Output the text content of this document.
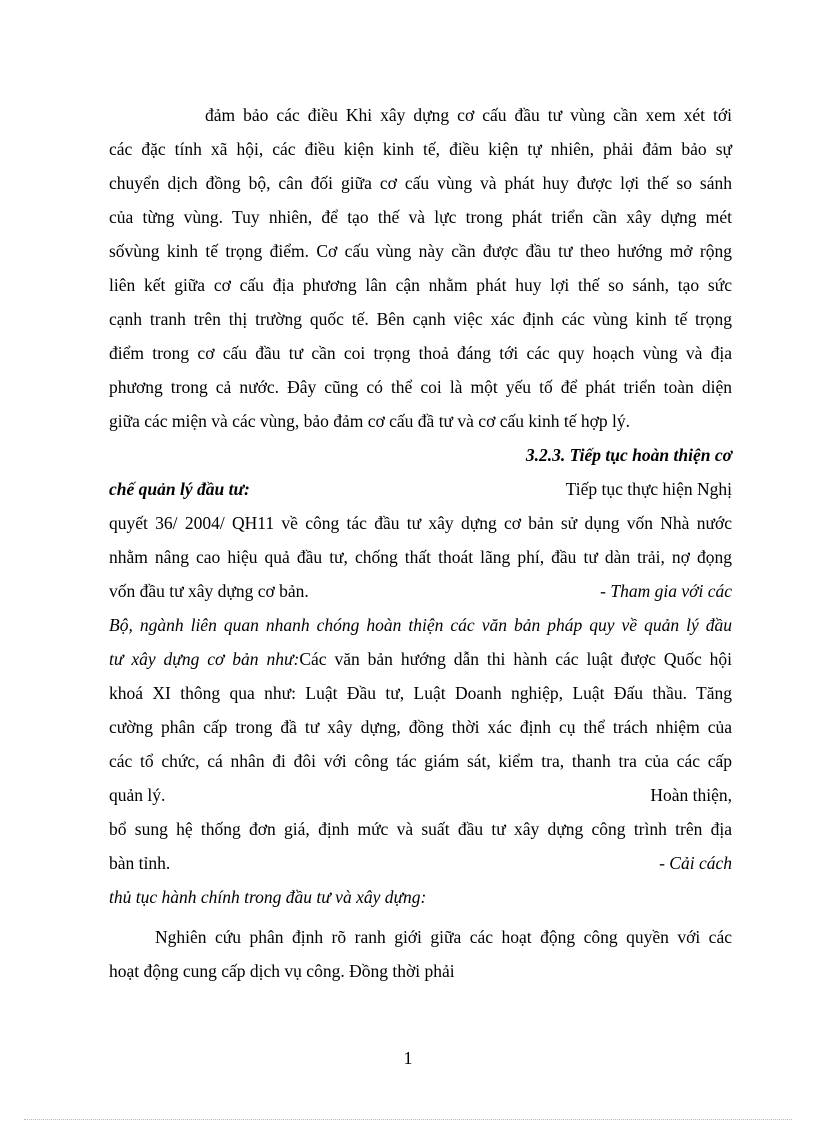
đảm bảo các điều Khi xây dựng cơ cấu đầu tư vùng cần xem xét tới
các đặc tính xã hội, các điều kiện kinh tế, điều kiện tự nhiên, phải đảm bảo sự
chuyển dịch đồng bộ, cân đối giữa cơ cấu vùng và phát huy được lợi thế so sánh
của từng vùng. Tuy nhiên, để tạo thế và lực trong phát triển cần xây dựng mét
sốvùng kinh tế trọng điểm. Cơ cấu vùng này cần được đầu tư theo hướng mở rộng
liên kết giữa cơ cấu địa phương lân cận nhằm phát huy lợi thế so sánh, tạo sức
cạnh tranh trên thị trường quốc tế. Bên cạnh việc xác định các vùng kinh tế trọng
điểm trong cơ cấu đầu tư cần coi trọng thoả đáng tới các quy hoạch vùng và địa
phương trong cả nước. Đây cũng có thể coi là một yếu tố để phát triển toàn diện
giữa các miện và các vùng, bảo đảm cơ cấu đầ tư và cơ cấu kinh tế hợp lý.
3.2.3. Tiếp tục hoàn thiện cơ
chế quản lý đầu tư:	Tiếp tục thực hiện Nghị
quyết 36/ 2004/ QH11 về công tác đầu tư xây dựng cơ bản sử dụng vốn Nhà nước
nhằm nâng cao hiệu quả đầu tư, chống thất thoát lãng phí, đầu tư dàn trải, nợ đọng
vốn đầu tư xây dựng cơ bản.	- Tham gia với các
Bộ, ngành liên quan nhanh chóng hoàn thiện các văn bản pháp quy về quản lý đầu
tư xây dựng cơ bản như:Các văn bản hướng dẫn thi hành các luật được Quốc hội
khoá XI thông qua như: Luật Đầu tư, Luật Doanh nghiệp, Luật Đấu thầu. Tăng
cường phân cấp trong đầ tư xây dựng, đồng thời xác định cụ thể trách nhiệm của
các tổ chức, cá nhân đi đôi với công tác giám sát, kiểm tra, thanh tra của các cấp
quản lý.	Hoàn thiện,
bổ sung hệ thống đơn giá, định mức và suất đầu tư xây dựng công trình trên địa
bàn tỉnh.	- Cải cách
thủ tục hành chính trong đầu tư và xây dựng:
Nghiên cứu phân định rõ ranh giới giữa các hoạt động công quyền với các
hoạt động cung cấp dịch vụ công. Đồng thời phải
1
